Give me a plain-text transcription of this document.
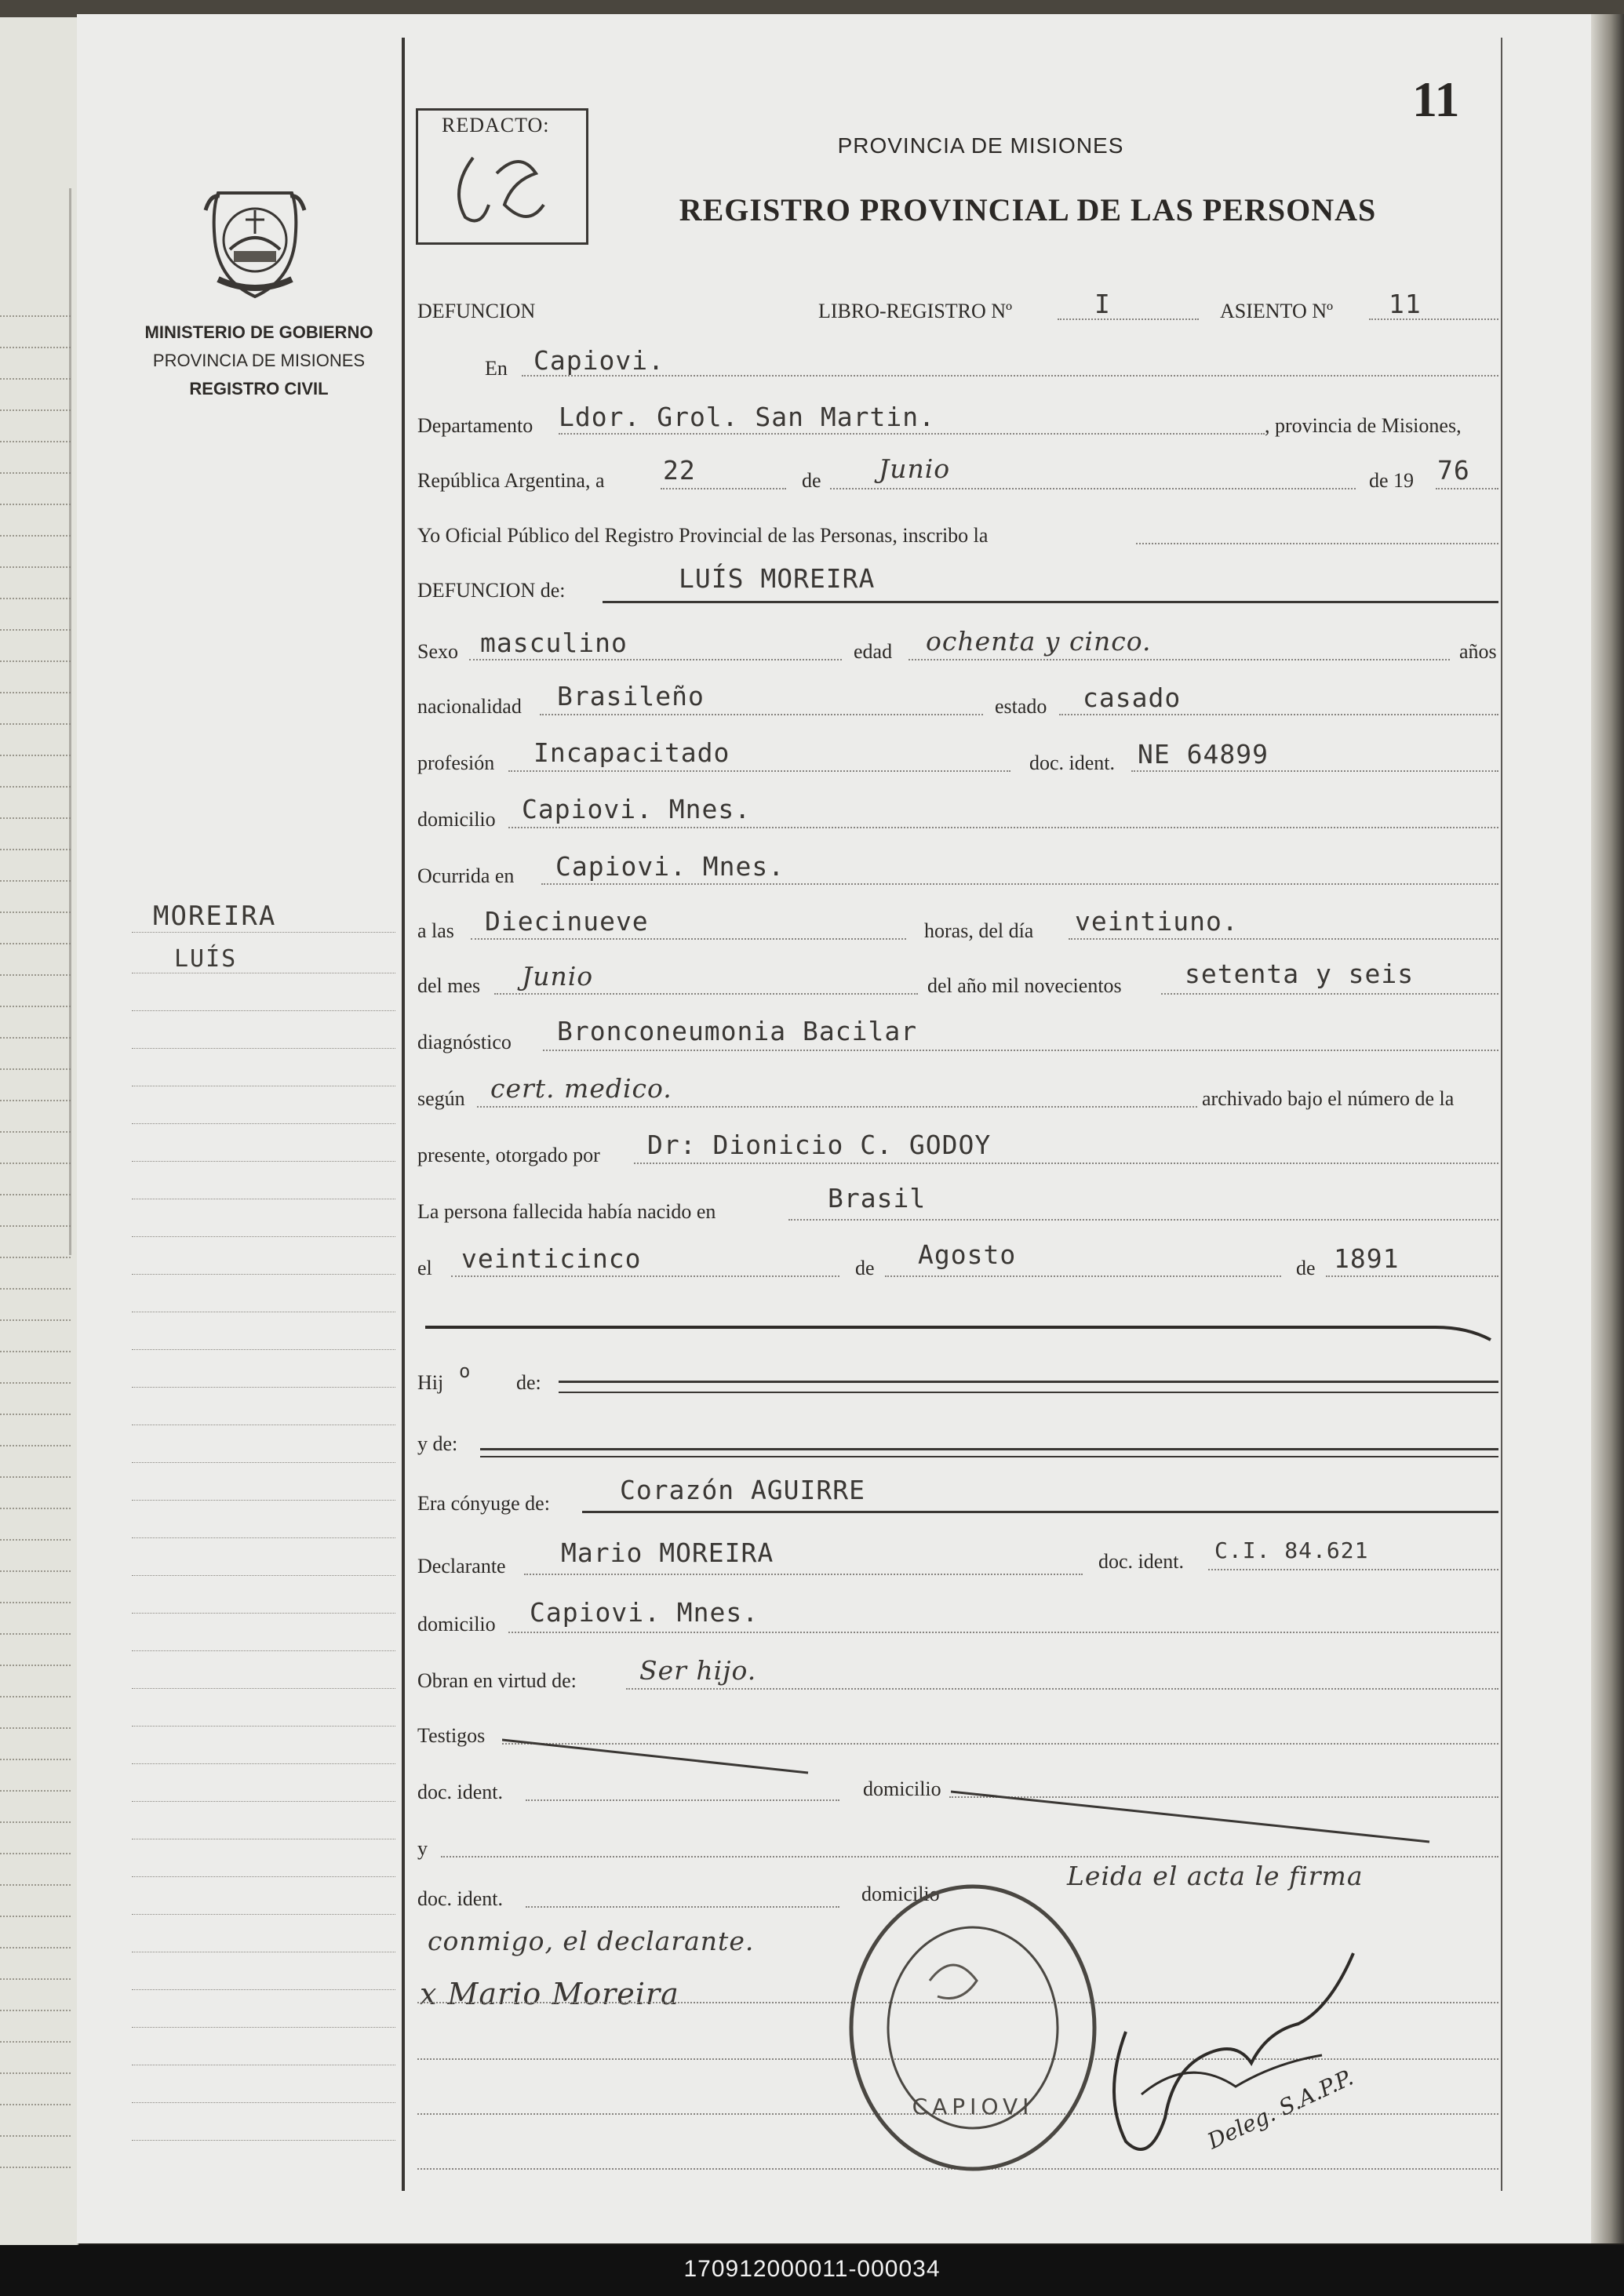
MINISTERIO DE GOBIERNO
PROVINCIA DE MISIONES
REGISTRO CIVIL
MOREIRA
LUÍS
REDACTO:	11
PROVINCIA DE MISIONES
REGISTRO PROVINCIAL DE LAS PERSONAS
DEFUNCION	LIBRO-REGISTRO Nº	I	ASIENTO Nº 11
En Capiovi.
Departamento Ldor. Grol. San Martin.	, provincia de Misiones,
República Argentina, a 22	de Junio	de 19 76
Yo Oficial Público del Registro Provincial de las Personas, inscribo la
DEFUNCION de:	LUÍS MOREIRA
Sexo masculino	edad ochenta y cinco.	años
nacionalidad Brasileño	estado casado
profesión Incapacitado	doc. ident. NE 64899
domicilio Capiovi. Mnes.
Ocurrida en Capiovi. Mnes.
a las Diecinueve	horas, del día veintiuno.
del mes Junio	del año mil novecientos setenta y seis
diagnóstico Bronconeumonia Bacilar
según cert. medico.	archivado bajo el número de la
presente, otorgado por Dr: Dionicio C. GODOY
La persona fallecida había nacido en	Brasil
el veinticinco	de Agosto	de 1891
Hij o de:
y de:
Era cónyuge de:	Corazón AGUIRRE
Declarante Mario MOREIRA	doc. ident. C.I. 84.621
domicilio Capiovi. Mnes.
Obran en virtud de: Ser hijo.
Testigos
doc. ident.	domicilio
y
doc. ident.	domicilio
Leida el acta le firma
conmigo, el declarante.
x Mario Moreira
CAPIOVI	Deleg. S.A.P.P.
170912000011-000034
